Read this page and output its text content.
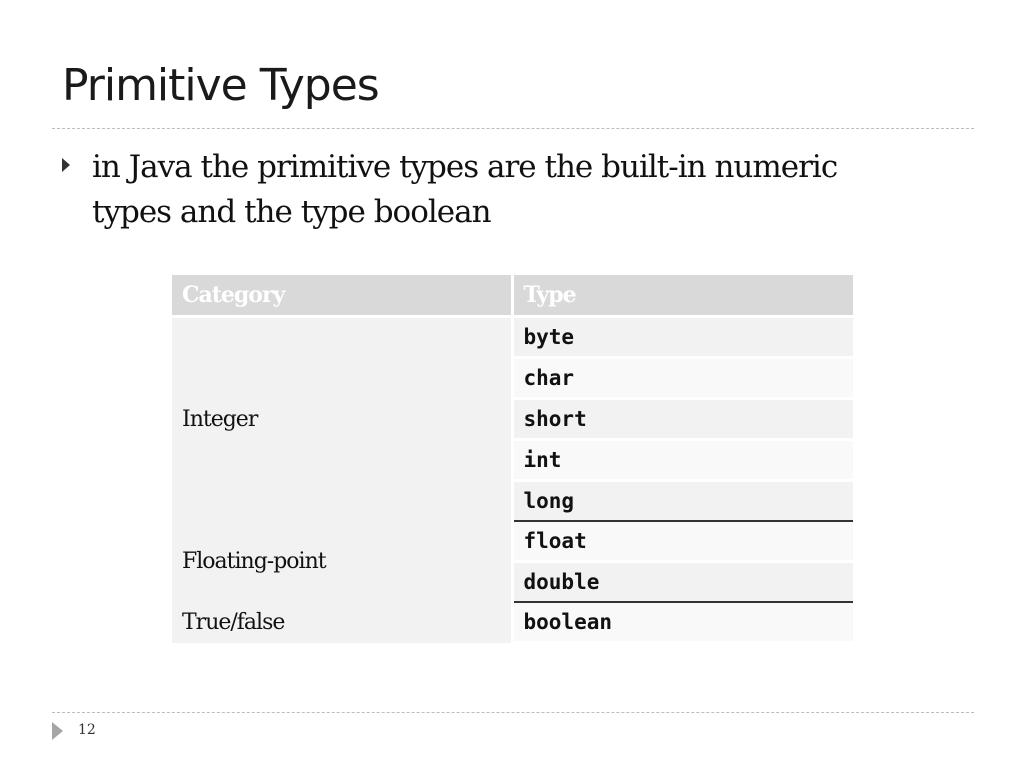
Primitive Types
in Java the primitive types are the built-in numeric types and the type boolean
Category	Type
Integer	byte
	char
	short
	int
	long
Floating-point	float
	double
True/false	boolean
12
